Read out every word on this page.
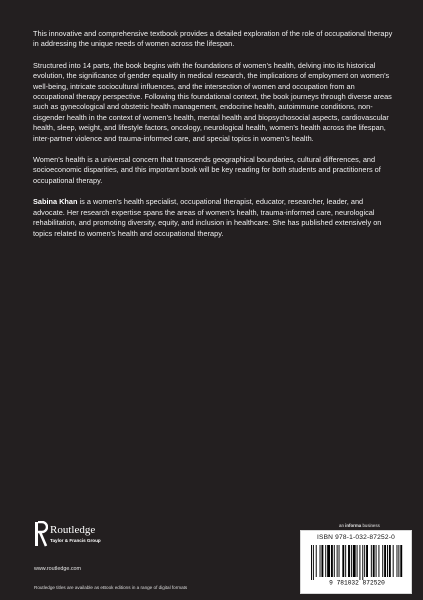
This innovative and comprehensive textbook provides a detailed exploration of the role of occupational therapy in addressing the unique needs of women across the lifespan.

Structured into 14 parts, the book begins with the foundations of women’s health, delving into its historical evolution, the significance of gender equality in medical research, the implications of employment on women’s well-being, intricate sociocultural influences, and the intersection of women and occupation from an occupational therapy perspective. Following this foundational context, the book journeys through diverse areas such as gynecological and obstetric health management, endocrine health, autoimmune conditions, non-cisgender health in the context of women’s health, mental health and biopsychosocial aspects, cardiovascular health, sleep, weight, and lifestyle factors, oncology, neurological health, women’s health across the lifespan, inter-partner violence and trauma-informed care, and special topics in women’s health.

Women’s health is a universal concern that transcends geographical boundaries, cultural differences, and socioeconomic disparities, and this important book will be key reading for both students and practitioners of occupational therapy.

Sabina Khan is a women’s health specialist, occupational therapist, educator, researcher, leader, and advocate. Her research expertise spans the areas of women’s health, trauma-informed care, neurological rehabilitation, and promoting diversity, equity, and inclusion in healthcare. She has published extensively on topics related to women’s health and occupational therapy.

Routledge
Taylor & Francis Group
www.routledge.com
Routledge titles are available as eBook editions in a range of digital formats
an informa business
ISBN 978-1-032-87252-0
9 781032 872520
